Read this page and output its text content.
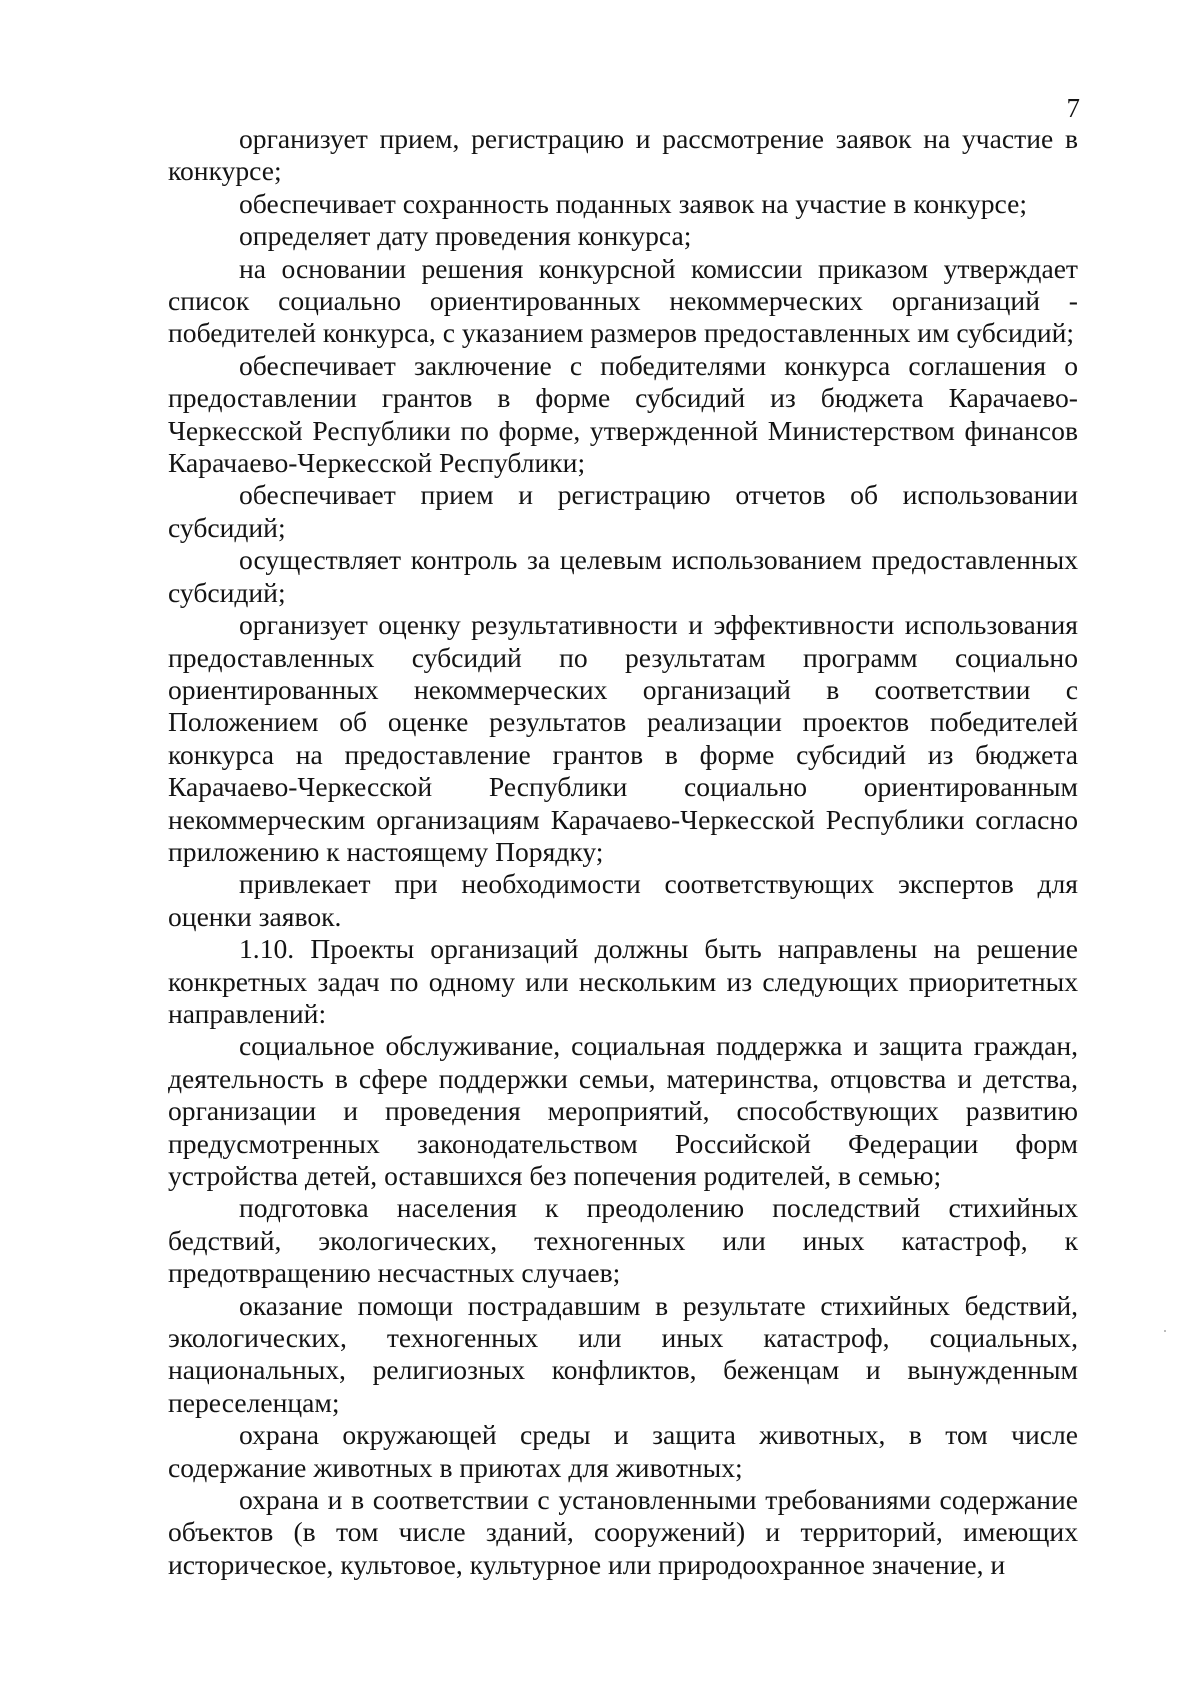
7

организует прием, регистрацию и рассмотрение заявок на участие в конкурсе;

обеспечивает сохранность поданных заявок на участие в конкурсе;

определяет дату проведения конкурса;

на основании решения конкурсной комиссии приказом утверждает список социально ориентированных некоммерческих организаций - победителей конкурса, с указанием размеров предоставленных им субсидий;

обеспечивает заключение с победителями конкурса соглашения о предоставлении грантов в форме субсидий из бюджета Карачаево-Черкесской Республики по форме, утвержденной Министерством финансов Карачаево-Черкесской Республики;

обеспечивает прием и регистрацию отчетов об использовании субсидий;

осуществляет контроль за целевым использованием предоставленных субсидий;

организует оценку результативности и эффективности использования предоставленных субсидий по результатам программ социально ориентированных некоммерческих организаций в соответствии с Положением об оценке результатов реализации проектов победителей конкурса на предоставление грантов в форме субсидий из бюджета Карачаево-Черкесской Республики социально ориентированным некоммерческим организациям Карачаево-Черкесской Республики согласно приложению к настоящему Порядку;

привлекает при необходимости соответствующих экспертов для оценки заявок.

1.10. Проекты организаций должны быть направлены на решение конкретных задач по одному или нескольким из следующих приоритетных направлений:

социальное обслуживание, социальная поддержка и защита граждан, деятельность в сфере поддержки семьи, материнства, отцовства и детства, организации и проведения мероприятий, способствующих развитию предусмотренных законодательством Российской Федерации форм устройства детей, оставшихся без попечения родителей, в семью;

подготовка населения к преодолению последствий стихийных бедствий, экологических, техногенных или иных катастроф, к предотвращению несчастных случаев;

оказание помощи пострадавшим в результате стихийных бедствий, экологических, техногенных или иных катастроф, социальных, национальных, религиозных конфликтов, беженцам и вынужденным переселенцам;

охрана окружающей среды и защита животных, в том числе содержание животных в приютах для животных;

охрана и в соответствии с установленными требованиями содержание объектов (в том числе зданий, сооружений) и территорий, имеющих историческое, культовое, культурное или природоохранное значение, и
